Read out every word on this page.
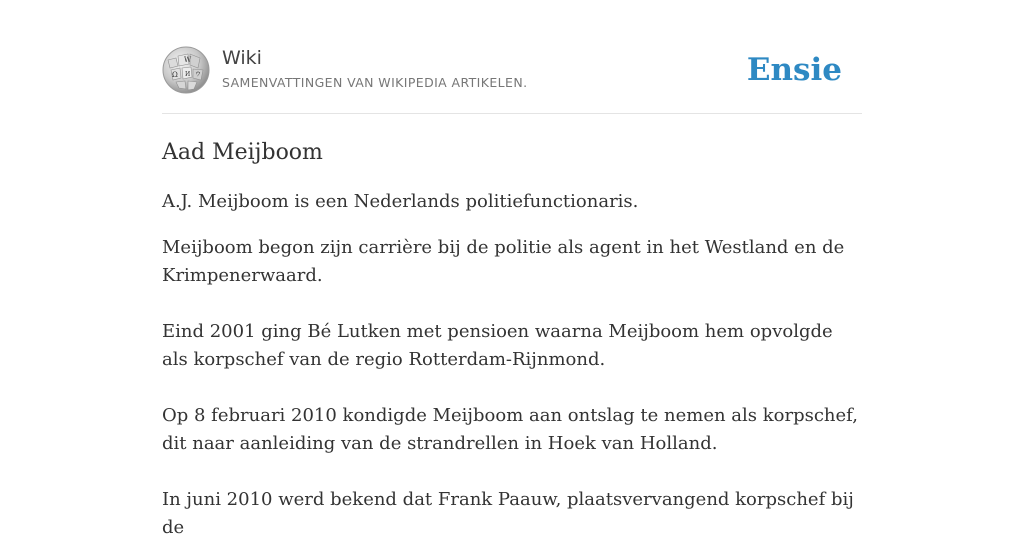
W
Ω И ウ
Wiki
SAMENVATTINGEN VAN WIKIPEDIA ARTIKELEN.	Ensie
Aad Meijboom

A.J. Meijboom is een Nederlands politiefunctionaris.

Meijboom begon zijn carrière bij de politie als agent in het Westland en de Krimpenerwaard.

Eind 2001 ging Bé Lutken met pensioen waarna Meijboom hem opvolgde als korpschef van de regio Rotterdam-Rijnmond.

Op 8 februari 2010 kondigde Meijboom aan ontslag te nemen als korpschef, dit naar aanleiding van de strandrellen in Hoek van Holland.

In juni 2010 werd bekend dat Frank Paauw, plaatsvervangend korpschef bij de
